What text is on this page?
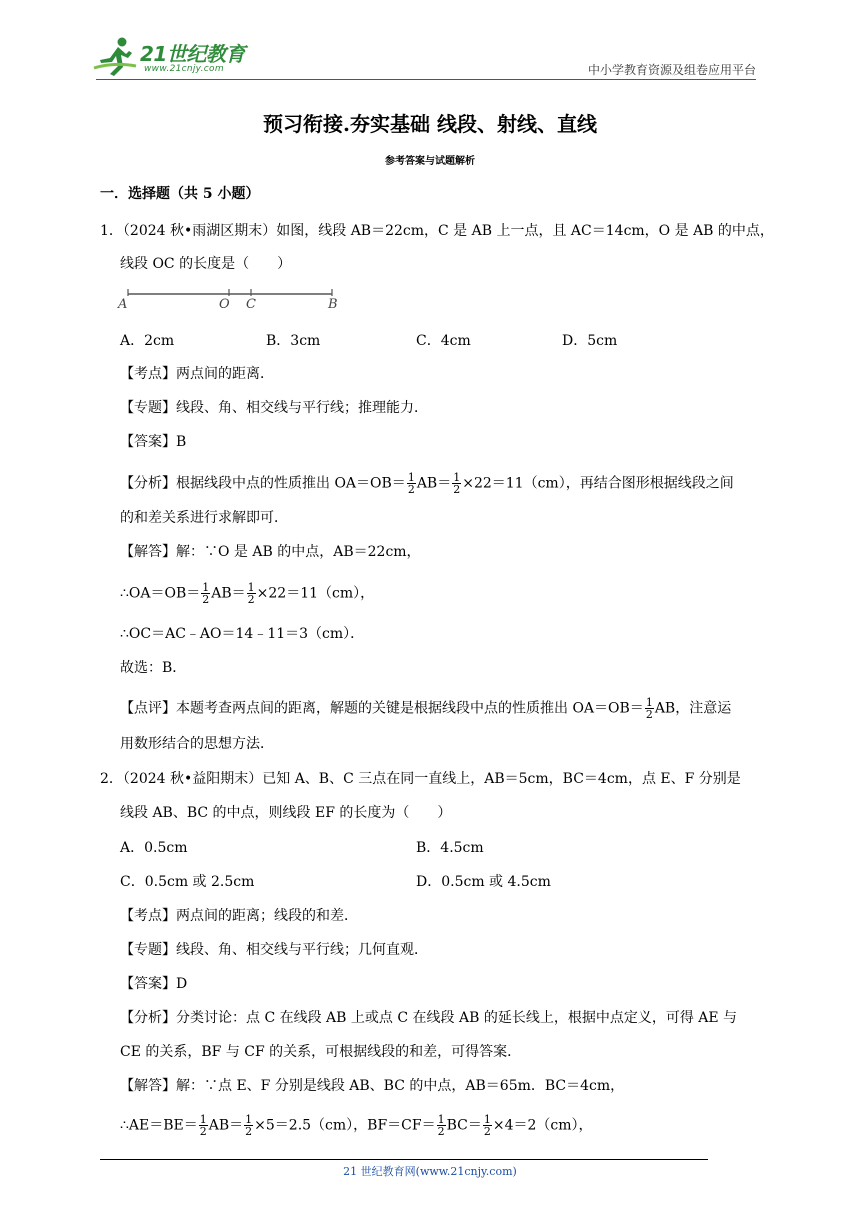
21世纪教育
www.21cnjy.com	中小学教育资源及组卷应用平台
预习衔接.夯实基础 线段、射线、直线
参考答案与试题解析
一．选择题（共 5 小题）
1．（2024 秋•雨湖区期末）如图，线段 AB＝22cm，C 是 AB 上一点，且 AC＝14cm，O 是 AB 的中点，
线段 OC 的长度是（　　）
A	O C	B
A．2cm	B．3cm	C．4cm	D．5cm
【考点】两点间的距离．
【专题】线段、角、相交线与平行线；推理能力．
【答案】B
【分析】根据线段中点的性质推出 $OA=OB= \frac{1}{2} AB= \frac{1}{2} \times 22=11(cm)$，再结合图形根据线段之间
的和差关系进行求解即可．
【解答】解：∵O 是 AB 的中点，AB＝22cm，
∴OA＝OB＝ $\frac{1}{2} AB= \frac{1}{2} \times 22=11(cm)$，
∴OC＝AC﹣AO＝14﹣11＝3（cm）．
故选：B．
【点评】本题考查两点间的距离，解题的关键是根据线段中点的性质推出 $OA=OB= \frac{1}{2}$ AB，注意运
用数形结合的思想方法．
2．（2024 秋•益阳期末）已知 A、B、C 三点在同一直线上，AB＝5cm，BC＝4cm，点 E、F 分别是
线段 AB、BC 的中点，则线段 EF 的长度为（　　）
A．0.5cm	B．4.5cm
C．0.5cm 或 2.5cm	D．0.5cm 或 4.5cm
【考点】两点间的距离；线段的和差．
【专题】线段、角、相交线与平行线；几何直观．
【答案】D
【分析】分类讨论：点 C 在线段 AB 上或点 C 在线段 AB 的延长线上，根据中点定义，可得 AE 与
CE 的关系，BF 与 CF 的关系，可根据线段的和差，可得答案．
【解答】解：∵点 E、F 分别是线段 AB、BC 的中点，AB＝65m．BC＝4cm，
∴AE＝BE＝ $\frac{1}{2} AB= \frac{1}{2} \times 5=2.5(cm)$，$BF=CF= \frac{1}{2} BC= \frac{1}{2} \times 4=2(cm)$，
21 世纪教育网(www.21cnjy.com)
